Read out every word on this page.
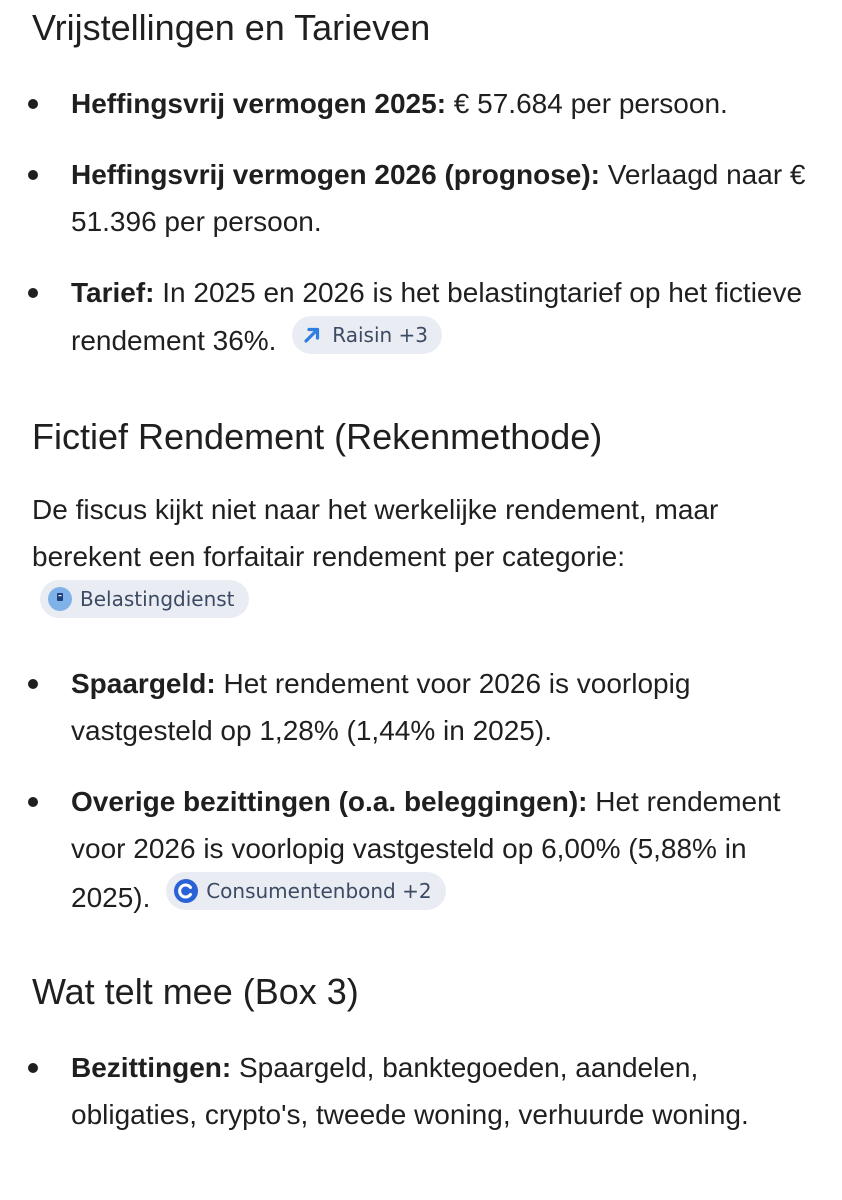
Vrijstellingen en Tarieven
Heffingsvrij vermogen 2025: € 57.684 per persoon.
Heffingsvrij vermogen 2026 (prognose): Verlaagd naar € 51.396 per persoon.
Tarief: In 2025 en 2026 is het belastingtarief op het fictieve rendement 36%.	Raisin +3
Fictief Rendement (Rekenmethode)

De fiscus kijkt niet naar het werkelijke rendement, maar berekent een forfaitair rendement per categorie:
Belastingdienst

Spaargeld: Het rendement voor 2026 is voorlopig vastgesteld op 1,28% (1,44% in 2025).
Overige bezittingen (o.a. beleggingen): Het rendement voor 2026 is voorlopig vastgesteld op 6,00% (5,88% in 2025).	Consumentenbond +2
Wat telt mee (Box 3)
Bezittingen: Spaargeld, banktegoeden, aandelen, obligaties, crypto's, tweede woning, verhuurde woning.
